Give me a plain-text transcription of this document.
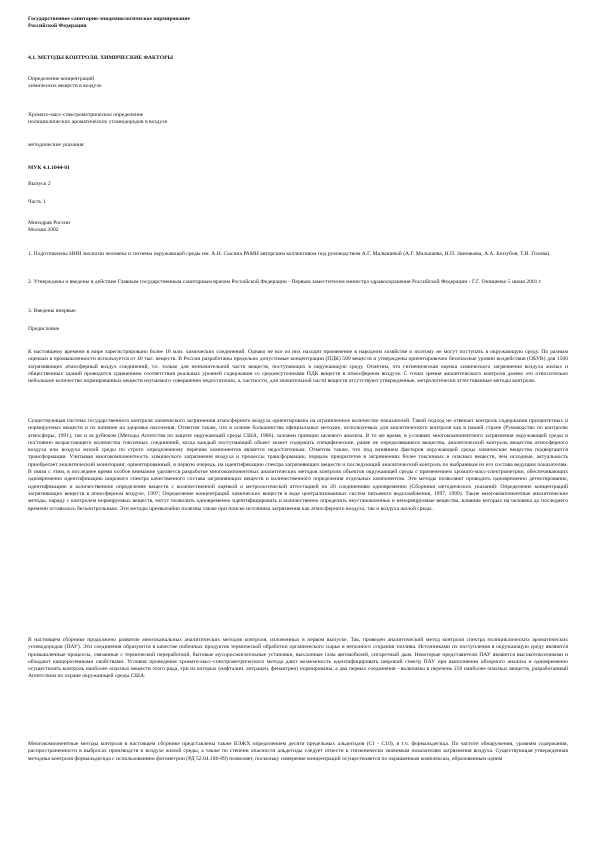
Государственное санитарно-эпидемиологическое нормирование
Российской Федерации
4.1. МЕТОДЫ КОНТРОЛЯ. ХИМИЧЕСКИЕ ФАКТОРЫ
Определение концентраций
химических веществ в воздухе
Хромато-масс-спектрометрическое определение
полициклических ароматических углеводородов в воздухе
методические указания
МУК 4.1.1044-01
Выпуск 2
Часть 1
Минздрав России
Москва 2002
1. Подготовлены НИИ экологии человека и гигиены окружающей среды им. А.Н. Сысина РАМН авторским коллективом под руководством А.Г. Малышевой (А.Г. Малышева, Н.П. Зиновьева, А.А. Беззубов, Т.И. Голова).
2. Утверждены и введены в действие Главным государственным санитарным врачом Российской Федерации - Первым заместителем министра здравоохранения Российской Федерации - Г.Г. Онищенко 5 июня 2001 г.
3. Введены впервые.
Предисловие
К настоящему времени в мире зарегистрировано более 18 млн. химических соединений. Однако не все из них находят применение в народном хозяйстве и поэтому не могут поступать в окружающую среду. По разным оценкам в промышленности используется от 40 тыс. веществ. В России разработаны предельно допустимые концентрации (ПДК) 589 веществ и утверждены ориентировочно безопасные уровни воздействия (ОБУВ) для 1500 загрязняющих атмосферный воздух соединений, т.е. только для незначительной части веществ, поступающих в окружающую среду. Отметим, что гигиеническая оценка химического загрязнения воздуха жилых и общественных зданий проводится сравнением соответствия реальных уровней содержания со среднесуточными ПДК веществ в атмосферном воздухе. С точки зрения аналитического контроля далеко это относительно небольшое количество нормированных веществ изучаемого совершенно недостаточно, а, частности, для значительной части веществ отсутствуют утвержденные, метрологически аттестованные методы контроля.
Существующая система государственного контроля химического загрязнения атмосферного воздуха ориентирована на ограниченное количество показателей. Такой подход не отвечает контроль содержания приоритетных и нормируемых веществ и их влияние на здоровье населения. Отметим также, что в основе большинства официальных методик, используемых для аналитического контроля как в нашей стране (Руководство по контролю атмосферы, 1991), так и за рубежом (Методы Агентства по защите окружающей среды США, 1986), заложен принцип целевого анализа. В то же время, в условиях многокомпонентного загрязнения окружающей среды и постоянно возрастающего количества токсичных соединений, когда каждый поступающий объект может содержать специфические, ранее не определявшиеся вещества, аналитический контроль вещества атмосферного воздуха или воздуха жилой среды по строго определенному перечню компонентов является недостаточным. Отметим также, что под влиянием факторов окружающей среды химические вещества подвергаются трансформации. Учитывая многокомпонентность химического загрязнения воздуха и процессы трансформации, порядок приоритетов в загрязнениях более токсичных и опасных веществ, чем исходные, актуальность приобретает аналитический мониторинг, ориентированный, в первую очередь, на идентификацию спектра загрязняющих веществ и последующий аналитический контроль по выбранным из его состава ведущим показателям. В связи с этим, в последнее время особое внимание уделяется разработке многокомпонентных аналитических методов контроля объектов окружающей среды с применением хромато-масс-спектрометрии, обеспечивающих одновременно идентификацию широкого спектра качественного состава загрязняющих веществ и количественного определения отдельных компонентов. Эти методы позволяют проводить одновременно детектирование, идентификацию и количественное определение веществ с количественной оценкой и метрологической аттестацией по 20 соединениям одновременно (Сборники методических указаний: Определение концентраций загрязняющих веществ в атмосферном воздухе, 1997; Определение концентраций химических веществ в воде централизованных систем питьевого водоснабжения, 1997, 1999). Такие многокомпонентные аналитические методы, наряду с контролем нормируемых веществ, могут позволить одновременно идентифицировать и количественно определять неустановленные и ненормируемые вещества, влияние которых на человека до последнего времени оставалось бесконтрольным. Эти методы чрезвычайно полезны также при поиске источника загрязнения как атмосферного воздуха, так и воздуха жилой среды.
В настоящем сборнике продолжено развитие многоканальных аналитических методов контроля, изложенных в первом выпуске. Так, приведен аналитический метод контроля спектра полициклических ароматических углеводородов (ПАУ). Эти соединения образуются в качестве побочных продуктов термической обработки органического сырья и неполного сгорания топлива. Источниками их поступления в окружающую среду являются промышленные процессы, связанные с термической переработкой, бытовые мусоросжигательные установки, выхлопные газы автомобилей, сигаретный дым. Некоторые представители ПАУ являются высокотоксичными и обладают канцерогенными свойствами. Условия проведения хромато-масс-спектрометрического метода дают возможность идентифицировать широкий спектр ПАУ при выполнении обзорного анализа и одновременно осуществлять контроль наиболее опасных веществ этого ряда, три из которых (нафталин, антрацен, фенантрен) нормированы, а два первых соединения - включены в перечень 250 наиболее опасных веществ, разработанный Агентством по охране окружающей среды США.
Многокомпонентные методы контроля в настоящем сборнике представлены также ВЭЖХ определением десяти предельных альдегидов (С1 - С10), в т.ч. формальдегида. По частоте обнаружения, уровням содержания, распространенности в выбросах производств и воздухе жилой среды, а также по степени опасности альдегиды следует отнести к гигиенически значимым показателям загрязнения воздуха. Существующая утвержденная методика контроля формальдегида с использованием фотометрии (РД 52.04.186-89) позволяет, поскольку измерение концентраций осуществляется по окрашенным комплексам, образованным одним
